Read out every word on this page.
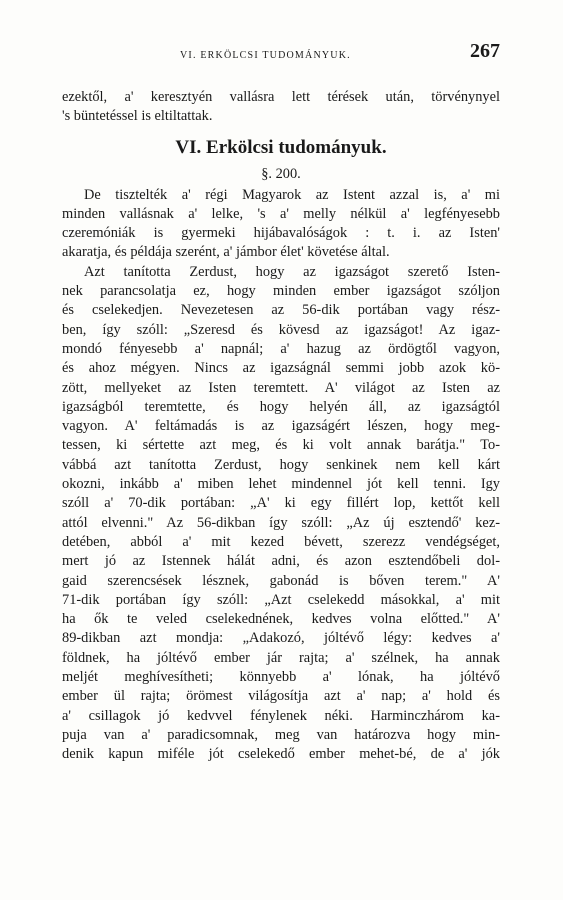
VI. ERKÖLCSI TUDOMÁNYUK.	267
ezektől, a' keresztyén vallásra lett térések után, törvénynyel
's büntetéssel is eltiltattak.
VI. Erkölcsi tudományuk.
§. 200.
De tisztelték a' régi Magyarok az Istent azzal is, a' mi
minden vallásnak a' lelke, 's a' melly nélkül a' legfényesebb
czeremóniák is gyermeki hijábavalóságok : t. i. az Isten'
akaratja, és példája szerént, a' jámbor élet' követése által.
Azt tanította Zerdust, hogy az igazságot szerető Isten-
nek parancsolatja ez, hogy minden ember igazságot szóljon
és cselekedjen. Nevezetesen az 56-dik portában vagy rész-
ben, így szóll: „Szeresd és kövesd az igazságot! Az igaz-
mondó fényesebb a' napnál; a' hazug az ördögtől vagyon,
és ahoz mégyen. Nincs az igazságnál semmi jobb azok kö-
zött, mellyeket az Isten teremtett. A' világot az Isten az
igazságból teremtette, és hogy helyén áll, az igazságtól
vagyon. A' feltámadás is az igazságért lészen, hogy meg-
tessen, ki sértette azt meg, és ki volt annak barátja." To-
vábbá azt tanította Zerdust, hogy senkinek nem kell kárt
okozni, inkább a' miben lehet mindennel jót kell tenni. Igy
szóll a' 70-dik portában: „A' ki egy fillért lop, kettőt kell
attól elvenni." Az 56-dikban így szóll: „Az új esztendő' kez-
detében, abból a' mit kezed bévett, szerezz vendégséget,
mert jó az Istennek hálát adni, és azon esztendőbeli dol-
gaid szerencsések lésznek, gabonád is bőven terem." A'
71-dik portában így szóll: „Azt cselekedd másokkal, a' mit
ha ők te veled cselekednének, kedves volna előtted." A'
89-dikban azt mondja: „Adakozó, jóltévő légy: kedves a'
földnek, ha jóltévő ember jár rajta; a' szélnek, ha annak
meljét meghívesítheti; könnyebb a' lónak, ha jóltévő
ember ül rajta; örömest világosítja azt a' nap; a' hold és
a' csillagok jó kedvvel fénylenek néki. Harminczhárom ka-
puja van a' paradicsomnak, meg van határozva hogy min-
denik kapun miféle jót cselekedő ember mehet-bé, de a' jók
